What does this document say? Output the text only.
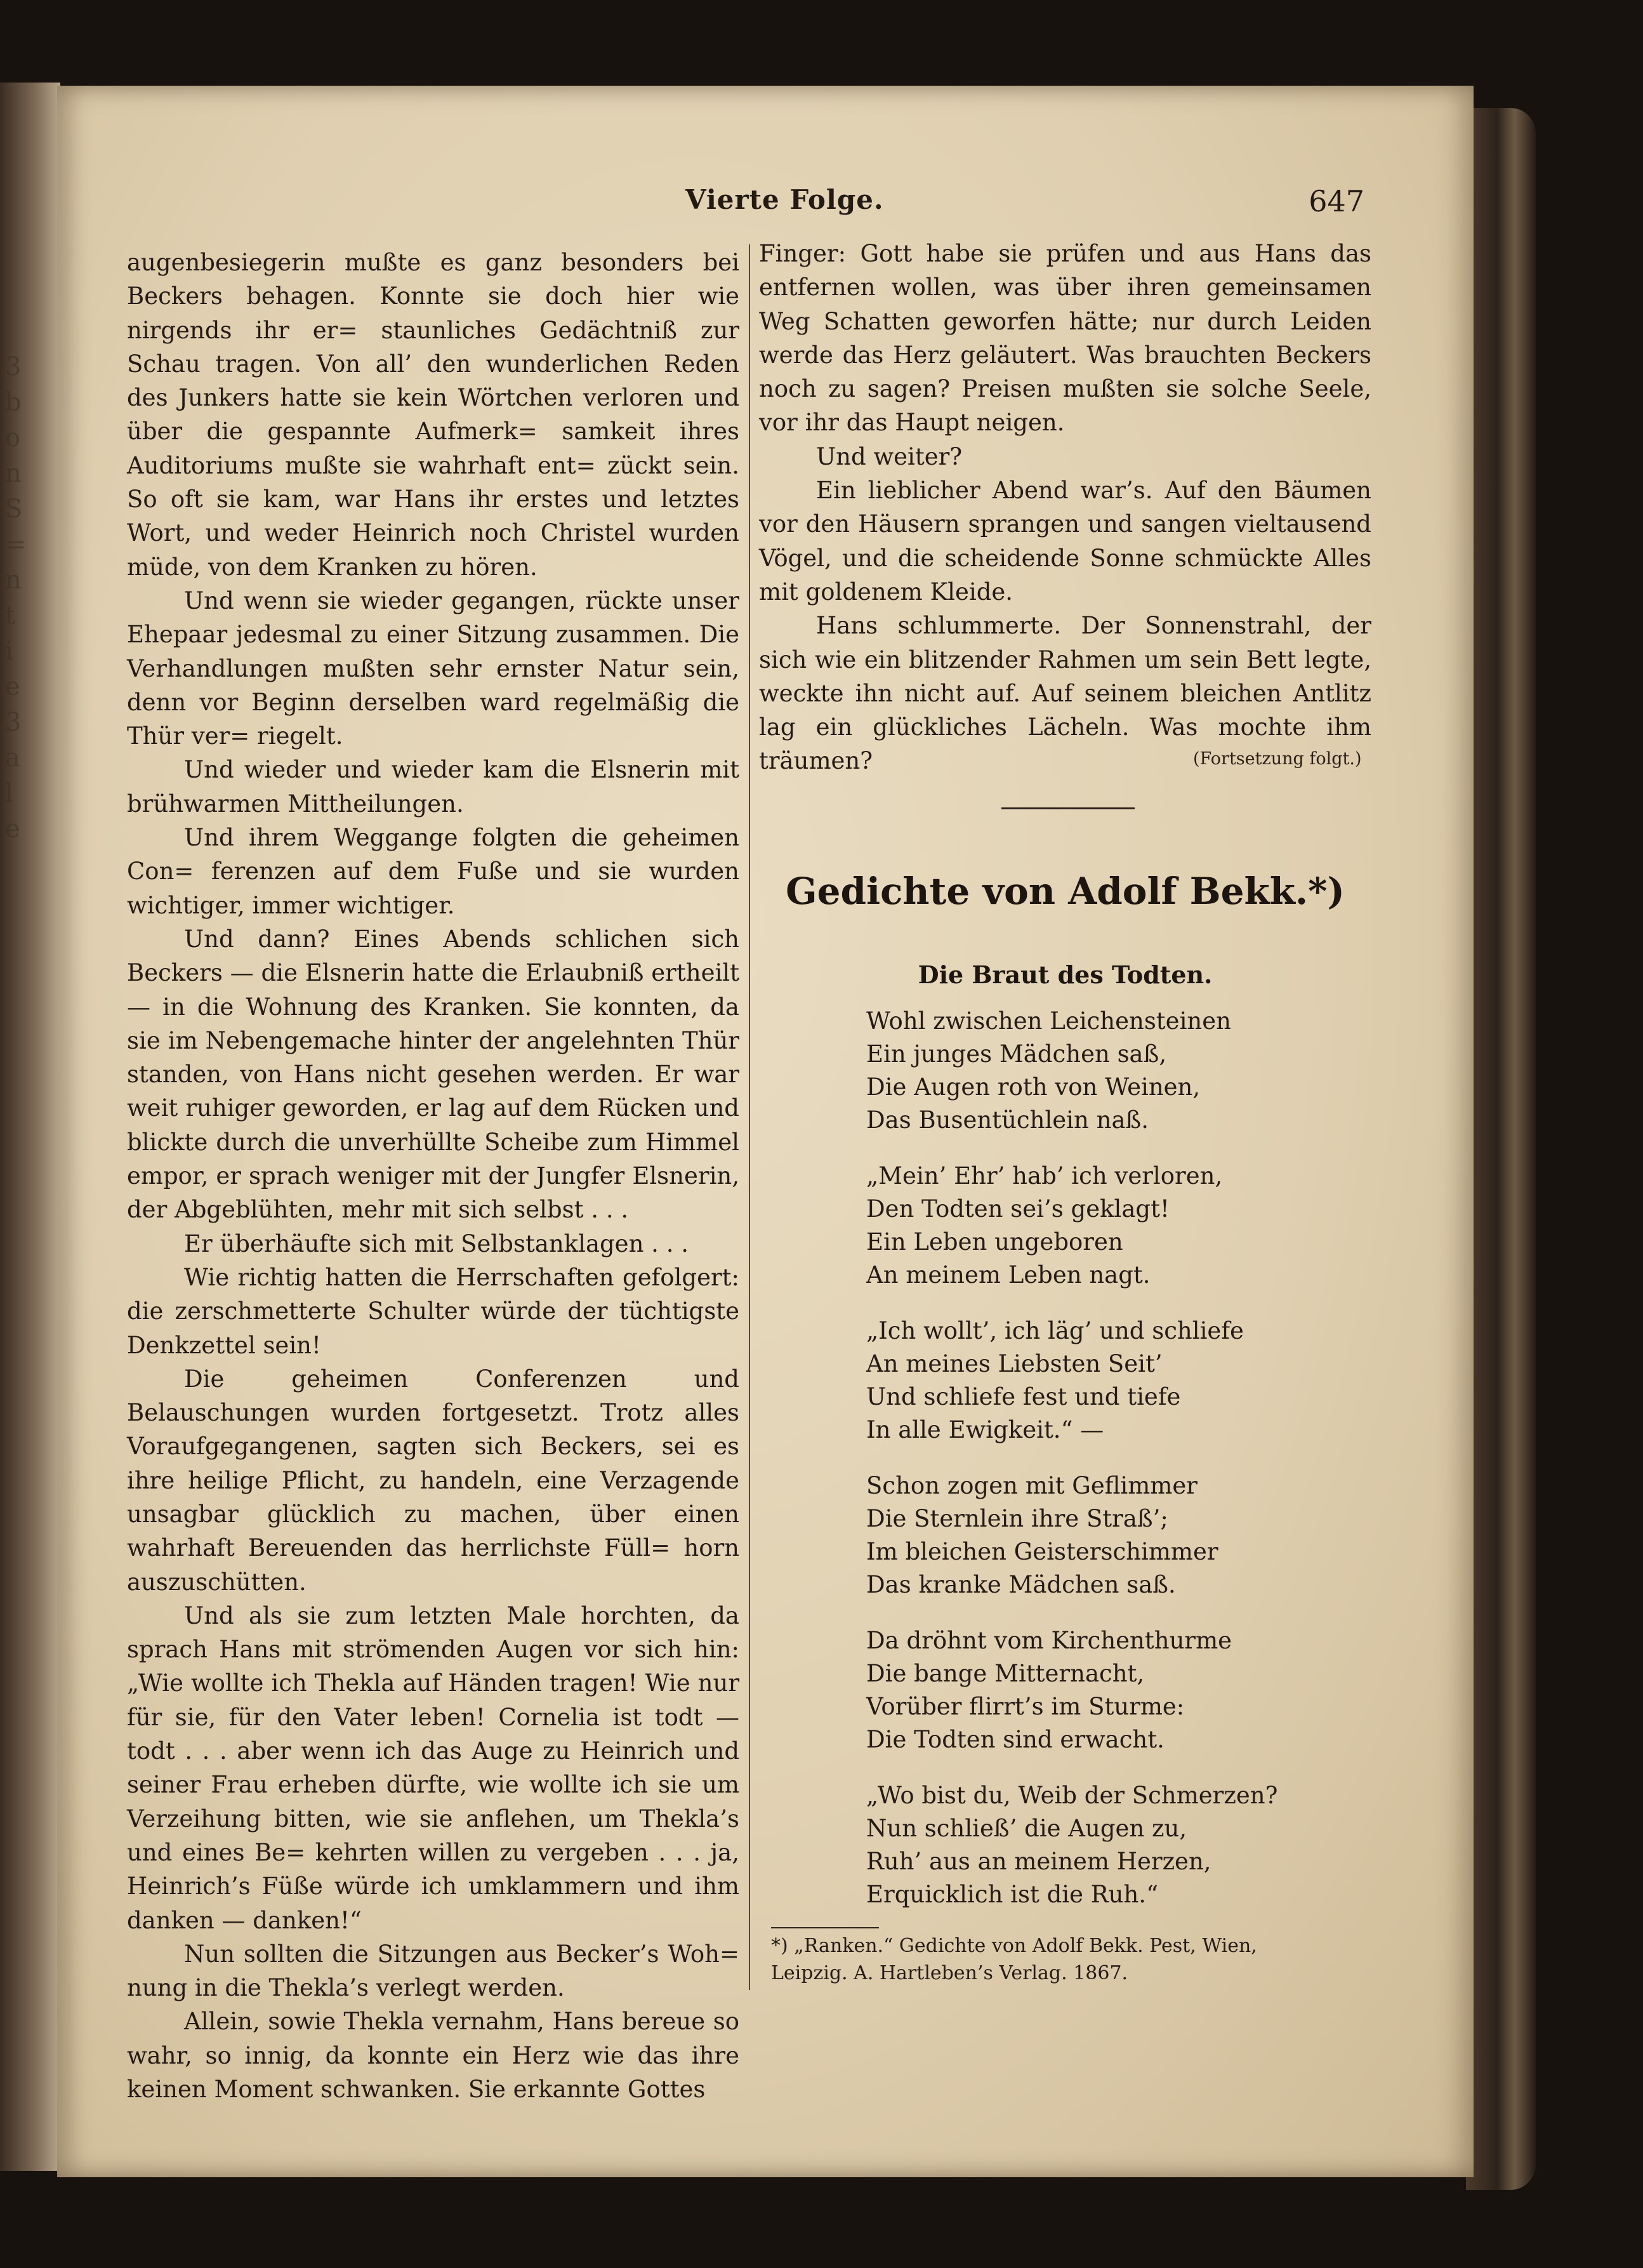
3
b
o
n
S
=
n
t
i
e
3
a
l
e
Vierte Folge.	647

augenbesiegerin mußte es ganz besonders bei Beckers behagen. Konnte sie doch hier wie nirgends ihr er= staunliches Gedächtniß zur Schau tragen. Von all’ den wunderlichen Reden des Junkers hatte sie kein Wörtchen verloren und über die gespannte Aufmerk= samkeit ihres Auditoriums mußte sie wahrhaft ent= zückt sein. So oft sie kam, war Hans ihr erstes und letztes Wort, und weder Heinrich noch Christel wurden müde, von dem Kranken zu hören.

Und wenn sie wieder gegangen, rückte unser Ehepaar jedesmal zu einer Sitzung zusammen. Die Verhandlungen mußten sehr ernster Natur sein, denn vor Beginn derselben ward regelmäßig die Thür ver= riegelt.

Und wieder und wieder kam die Elsnerin mit brühwarmen Mittheilungen.

Und ihrem Weggange folgten die geheimen Con= ferenzen auf dem Fuße und sie wurden wichtiger, immer wichtiger.

Und dann? Eines Abends schlichen sich Beckers — die Elsnerin hatte die Erlaubniß ertheilt — in die Wohnung des Kranken. Sie konnten, da sie im Nebengemache hinter der angelehnten Thür standen, von Hans nicht gesehen werden. Er war weit ruhiger geworden, er lag auf dem Rücken und blickte durch die unverhüllte Scheibe zum Himmel empor, er sprach weniger mit der Jungfer Elsnerin, der Abgeblühten, mehr mit sich selbst . . .

Er überhäufte sich mit Selbstanklagen . . .

Wie richtig hatten die Herrschaften gefolgert: die zerschmetterte Schulter würde der tüchtigste Denkzettel sein!

Die geheimen Conferenzen und Belauschungen wurden fortgesetzt. Trotz alles Voraufgegangenen, sagten sich Beckers, sei es ihre heilige Pflicht, zu handeln, eine Verzagende unsagbar glücklich zu machen, über einen wahrhaft Bereuenden das herrlichste Füll= horn auszuschütten.

Und als sie zum letzten Male horchten, da sprach Hans mit strömenden Augen vor sich hin: „Wie wollte ich Thekla auf Händen tragen! Wie nur für sie, für den Vater leben! Cornelia ist todt — todt . . . aber wenn ich das Auge zu Heinrich und seiner Frau erheben dürfte, wie wollte ich sie um Verzeihung bitten, wie sie anflehen, um Thekla’s und eines Be= kehrten willen zu vergeben . . . ja, Heinrich’s Füße würde ich umklammern und ihm danken — danken!“

Nun sollten die Sitzungen aus Becker’s Woh= nung in die Thekla’s verlegt werden.

Allein, sowie Thekla vernahm, Hans bereue so wahr, so innig, da konnte ein Herz wie das ihre keinen Moment schwanken. Sie erkannte Gottes

Finger: Gott habe sie prüfen und aus Hans das entfernen wollen, was über ihren gemeinsamen Weg Schatten geworfen hätte; nur durch Leiden werde das Herz geläutert. Was brauchten Beckers noch zu sagen? Preisen mußten sie solche Seele, vor ihr das Haupt neigen.

Und weiter?

Ein lieblicher Abend war’s. Auf den Bäumen vor den Häusern sprangen und sangen vieltausend Vögel, und die scheidende Sonne schmückte Alles mit goldenem Kleide.

Hans schlummerte. Der Sonnenstrahl, der sich wie ein blitzender Rahmen um sein Bett legte, weckte ihn nicht auf. Auf seinem bleichen Antlitz lag ein glückliches Lächeln. Was mochte ihm träumen?	(Fortsetzung folgt.)
Gedichte von Adolf Bekk.*)
Die Braut des Todten.
Wohl zwischen Leichensteinen
Ein junges Mädchen saß,
Die Augen roth von Weinen,
Das Busentüchlein naß.
„Mein’ Ehr’ hab’ ich verloren,
Den Todten sei’s geklagt!
Ein Leben ungeboren
An meinem Leben nagt.
„Ich wollt’, ich läg’ und schliefe
An meines Liebsten Seit’
Und schliefe fest und tiefe
In alle Ewigkeit.“ —
Schon zogen mit Geflimmer
Die Sternlein ihre Straß’;
Im bleichen Geisterschimmer
Das kranke Mädchen saß.
Da dröhnt vom Kirchenthurme
Die bange Mitternacht,
Vorüber flirrt’s im Sturme:
Die Todten sind erwacht.
„Wo bist du, Weib der Schmerzen?
Nun schließ’ die Augen zu,
Ruh’ aus an meinem Herzen,
Erquicklich ist die Ruh.“
*) „Ranken.“ Gedichte von Adolf Bekk. Pest, Wien,
Leipzig. A. Hartleben’s Verlag. 1867.
